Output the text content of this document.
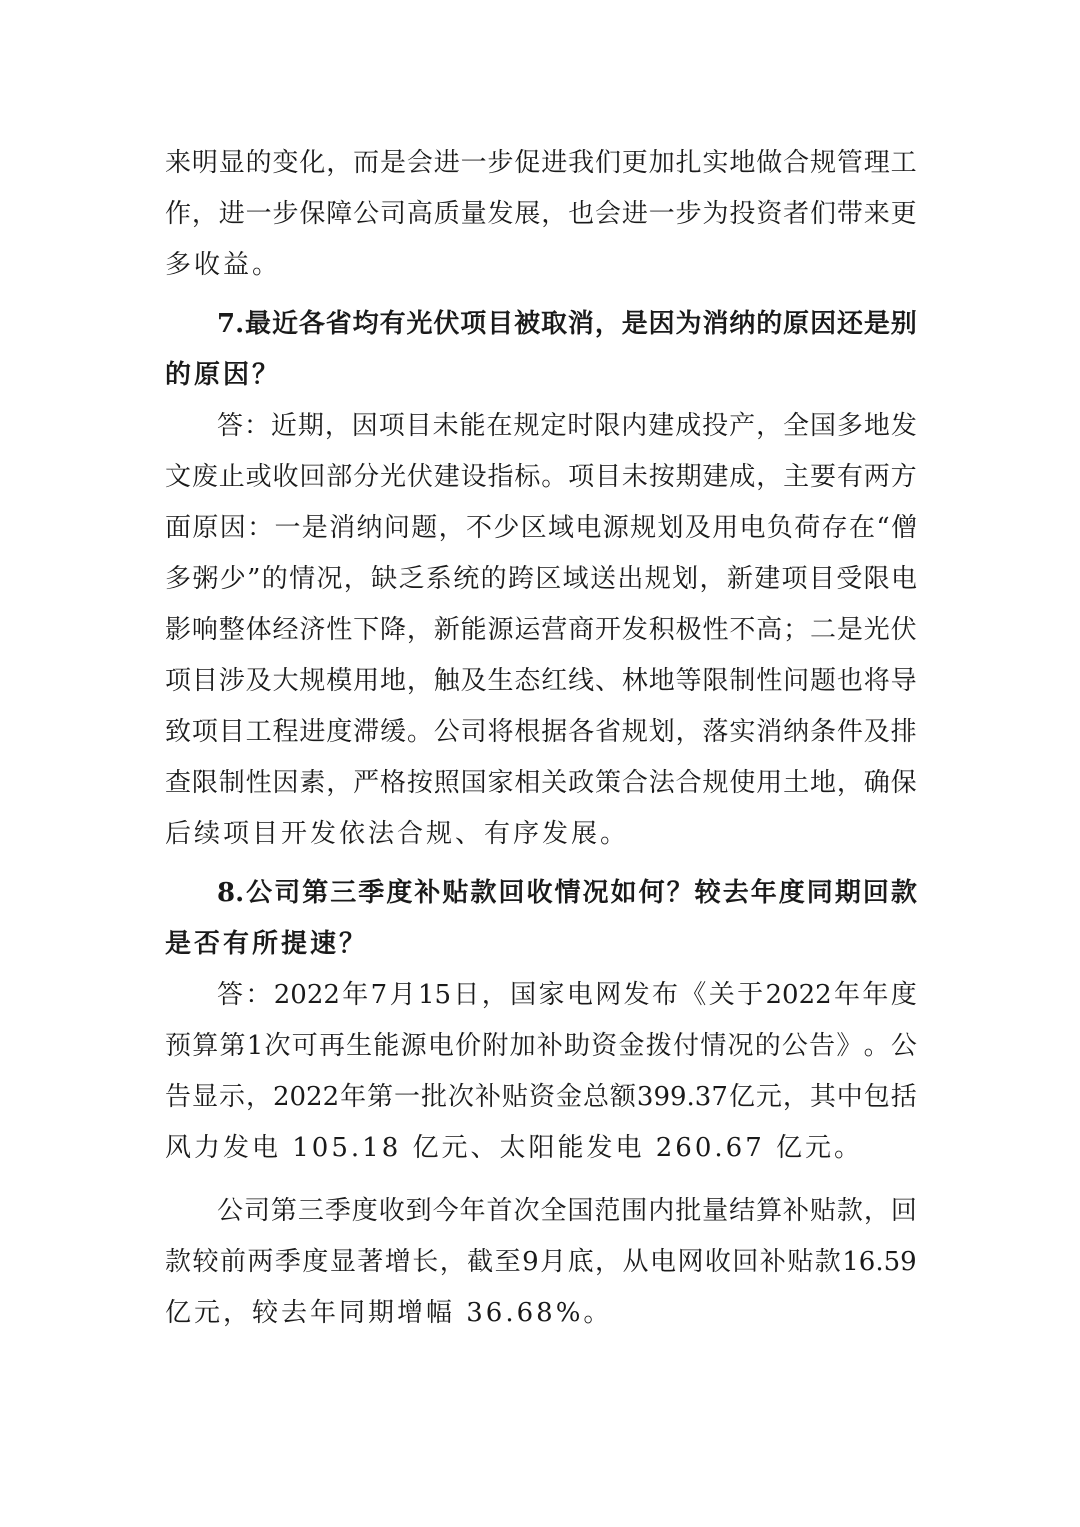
来 明 显 的 变 化 ， 而 是 会 进 一 步 促 进 我 们 更 加 扎 实 地 做 合 规 管 理 工
作 ， 进 一 步 保 障 公 司 高 质 量 发 展 ， 也 会 进 一 步 为 投 资 者 们 带 来 更
多收益。
7. 最 近 各 省 均 有 光 伏 项 目 被 取 消 ， 是 因 为 消 纳 的 原 因 还 是 别
的原因？
答 ： 近 期 ， 因 项 目 未 能 在 规 定 时 限 内 建 成 投 产 ， 全 国 多 地 发
文 废 止 或 收 回 部 分 光 伏 建 设 指 标 。 项 目 未 按 期 建 成 ， 主 要 有 两 方
面 原 因 ： 一 是 消 纳 问 题 ， 不 少 区 域 电 源 规 划 及 用 电 负 荷 存 在 “ 僧
多 粥 少 ” 的 情 况 ， 缺 乏 系 统 的 跨 区 域 送 出 规 划 ， 新 建 项 目 受 限 电
影 响 整 体 经 济 性 下 降 ， 新 能 源 运 营 商 开 发 积 极 性 不 高 ； 二 是 光 伏
项 目 涉 及 大 规 模 用 地 ， 触 及 生 态 红 线 、 林 地 等 限 制 性 问 题 也 将 导
致 项 目 工 程 进 度 滞 缓 。 公 司 将 根 据 各 省 规 划 ， 落 实 消 纳 条 件 及 排
查 限 制 性 因 素 ， 严 格 按 照 国 家 相 关 政 策 合 法 合 规 使 用 土 地 ， 确 保
后续项目开发依法合规、有序发展。
8. 公 司 第 三 季 度 补 贴 款 回 收 情 况 如 何 ？ 较 去 年 度 同 期 回 款
是否有所提速？
答 ： 2022 年 7 月 15 日 ， 国 家 电 网 发 布 《 关 于 2022 年 年 度
预 算 第 1 次 可 再 生 能 源 电 价 附 加 补 助 资 金 拨 付 情 况 的 公 告 》 。 公
告 显 示 ， 2022 年 第 一 批 次 补 贴 资 金 总 额 399.37 亿 元 ， 其 中 包 括
风力发电 105.18 亿元、太阳能发电 260.67 亿元。
公 司 第 三 季 度 收 到 今 年 首 次 全 国 范 围 内 批 量 结 算 补 贴 款 ， 回
款 较 前 两 季 度 显 著 增 长 ， 截 至 9 月 底 ， 从 电 网 收 回 补 贴 款 16.59
亿元，较去年同期增幅 36.68%。
